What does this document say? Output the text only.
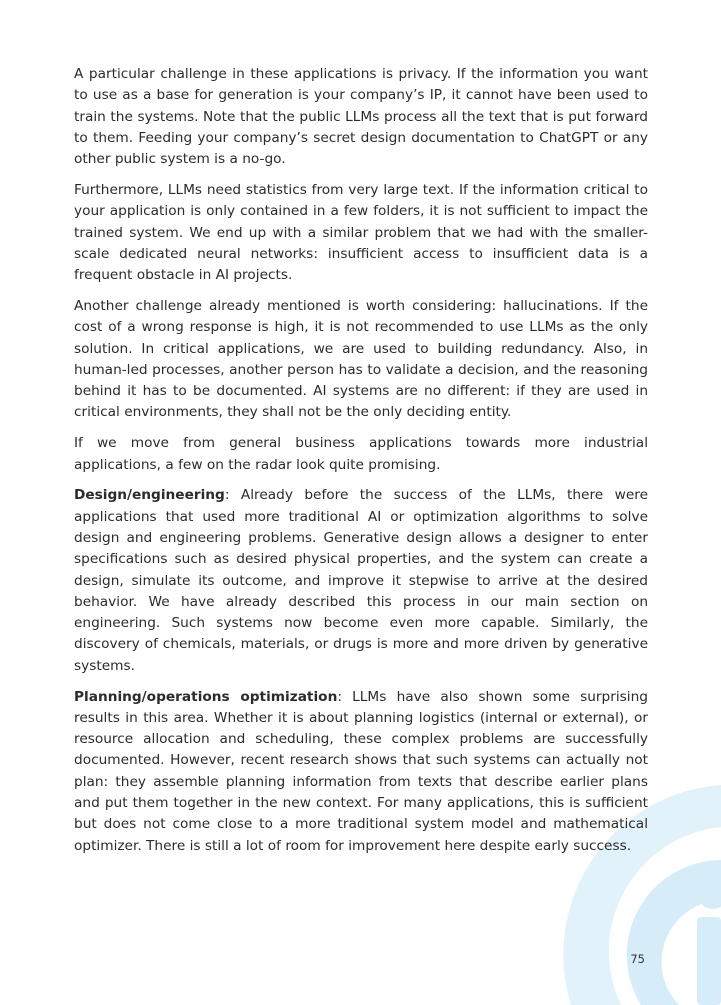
A particular challenge in these applications is privacy. If the information you want to use as a base for generation is your company’s IP, it cannot have been used to train the systems. Note that the public LLMs process all the text that is put forward to them. Feeding your company’s secret design documentation to ChatGPT or any other public system is a no-go.

Furthermore, LLMs need statistics from very large text. If the information critical to your application is only contained in a few folders, it is not sufficient to impact the trained system. We end up with a similar problem that we had with the smaller-scale dedicated neural networks: insufficient access to insufficient data is a frequent obstacle in AI projects.

Another challenge already mentioned is worth considering: hallucinations. If the cost of a wrong response is high, it is not recommended to use LLMs as the only solution. In critical applications, we are used to building redundancy. Also, in human-led processes, another person has to validate a decision, and the reasoning behind it has to be documented. AI systems are no different: if they are used in critical environments, they shall not be the only deciding entity.

If we move from general business applications towards more industrial applications, a few on the radar look quite promising.

Design/engineering: Already before the success of the LLMs, there were applications that used more traditional AI or optimization algorithms to solve design and engineering problems. Generative design allows a designer to enter specifications such as desired physical properties, and the system can create a design, simulate its outcome, and improve it stepwise to arrive at the desired behavior. We have already described this process in our main section on engineering. Such systems now become even more capable. Similarly, the discovery of chemicals, materials, or drugs is more and more driven by generative systems.

Planning/operations optimization: LLMs have also shown some surprising results in this area. Whether it is about planning logistics (internal or external), or resource allocation and scheduling, these complex problems are successfully documented. However, recent research shows that such systems can actually not plan: they assemble planning information from texts that describe earlier plans and put them together in the new context. For many applications, this is sufficient but does not come close to a more traditional system model and mathematical optimizer. There is still a lot of room for improvement here despite early success.

75
